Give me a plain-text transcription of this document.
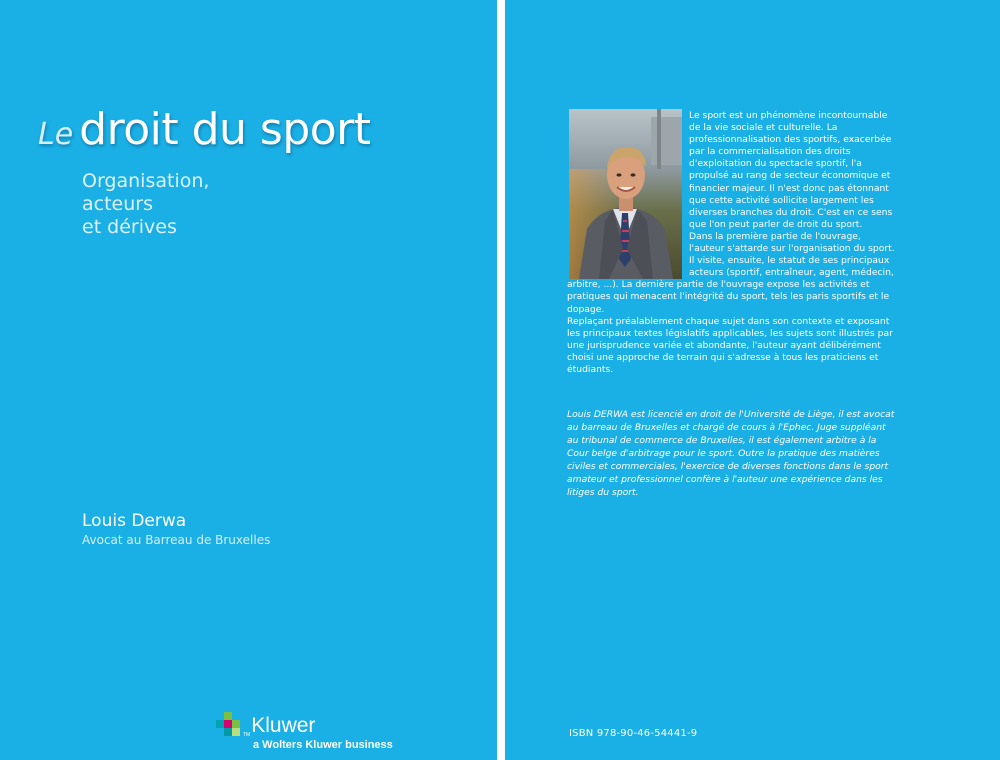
Le droit du sport
Organisation,
acteurs
et dérives
Louis Derwa
Avocat au Barreau de Bruxelles
TMKluwer
a Wolters Kluwer business

Le sport est un phénomène incontournable de la vie sociale et culturelle. La professionnalisation des sportifs, exacerbée par la commercialisation des droits d'exploitation du spectacle sportif, l'a propulsé au rang de secteur économique et financier majeur. Il n'est donc pas étonnant que cette activité sollicite largement les diverses branches du droit. C'est en ce sens que l'on peut parler de droit du sport.

Dans la première partie de l'ouvrage, l'auteur s'attarde sur l'organisation du sport. Il visite, ensuite, le statut de ses principaux acteurs (sportif, entraîneur, agent, médecin, arbitre, ...). La dernière partie de l'ouvrage expose les activités et pratiques qui menacent l'intégrité du sport, tels les paris sportifs et le dopage.

Replaçant préalablement chaque sujet dans son contexte et exposant les principaux textes législatifs applicables, les sujets sont illustrés par une jurisprudence variée et abondante, l'auteur ayant délibérément choisi une approche de terrain qui s'adresse à tous les praticiens et étudiants.

Louis DERWA est licencié en droit de l'Université de Liège, il est avocat au barreau de Bruxelles et chargé de cours à l'Ephec. Juge suppléant au tribunal de commerce de Bruxelles, il est également arbitre à la Cour belge d'arbitrage pour le sport. Outre la pratique des matières civiles et commerciales, l'exercice de diverses fonctions dans le sport amateur et professionnel confère à l'auteur une expérience dans les litiges du sport.

ISBN 978-90-46-54441-9
